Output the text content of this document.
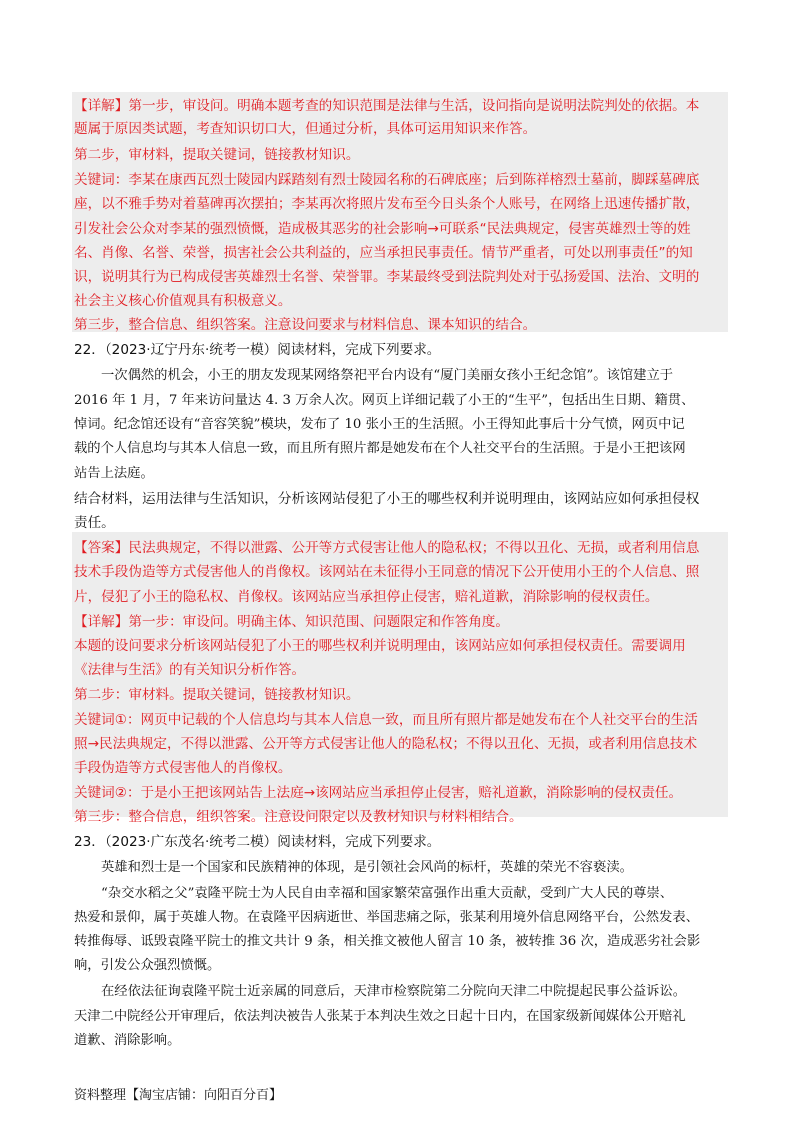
【详解】第一步，审设问。明确本题考查的知识范围是法律与生活，设问指向是说明法院判处的依据。本
题属于原因类试题，考查知识切口大，但通过分析，具体可运用知识来作答。
第二步，审材料，提取关键词，链接教材知识。
关键词：李某在康西瓦烈士陵园内踩踏刻有烈士陵园名称的石碑底座；后到陈祥榕烈士墓前，脚踩墓碑底
座，以不雅手势对着墓碑再次摆拍；李某再次将照片发布至今日头条个人账号，在网络上迅速传播扩散，
引发社会公众对李某的强烈愤慨，造成极其恶劣的社会影响→可联系“民法典规定，侵害英雄烈士等的姓
名、肖像、名誉、荣誉，损害社会公共利益的，应当承担民事责任。情节严重者，可处以刑事责任”的知
识，说明其行为已构成侵害英雄烈士名誉、荣誉罪。李某最终受到法院判处对于弘扬爱国、法治、文明的
社会主义核心价值观具有积极意义。
第三步，整合信息、组织答案。注意设问要求与材料信息、课本知识的结合。
22．（2023·辽宁丹东·统考一模）阅读材料，完成下列要求。
一次偶然的机会，小王的朋友发现某网络祭祀平台内设有“厦门美丽女孩小王纪念馆”。该馆建立于
2016 年 1 月，7 年来访问量达 4. 3 万余人次。网页上详细记载了小王的“生平”，包括出生日期、籍贯、
悼词。纪念馆还设有“音容笑貌”模块，发布了 10 张小王的生活照。小王得知此事后十分气愤，网页中记
载的个人信息均与其本人信息一致，而且所有照片都是她发布在个人社交平台的生活照。于是小王把该网
站告上法庭。
结合材料，运用法律与生活知识，分析该网站侵犯了小王的哪些权利并说明理由，该网站应如何承担侵权
责任。
【答案】民法典规定，不得以泄露、公开等方式侵害让他人的隐私权；不得以丑化、无损，或者利用信息
技术手段伪造等方式侵害他人的肖像权。该网站在未征得小王同意的情况下公开使用小王的个人信息、照
片，侵犯了小王的隐私权、肖像权。该网站应当承担停止侵害，赔礼道歉，消除影响的侵权责任。
【详解】第一步：审设问。明确主体、知识范围、问题限定和作答角度。
本题的设问要求分析该网站侵犯了小王的哪些权利并说明理由，该网站应如何承担侵权责任。需要调用
《法律与生活》的有关知识分析作答。
第二步：审材料。提取关键词，链接教材知识。
关键词①：网页中记载的个人信息均与其本人信息一致，而且所有照片都是她发布在个人社交平台的生活
照→民法典规定，不得以泄露、公开等方式侵害让他人的隐私权；不得以丑化、无损，或者利用信息技术
手段伪造等方式侵害他人的肖像权。
关键词②：于是小王把该网站告上法庭→该网站应当承担停止侵害，赔礼道歉，消除影响的侵权责任。
第三步：整合信息，组织答案。注意设问限定以及教材知识与材料相结合。
23．（2023·广东茂名·统考二模）阅读材料，完成下列要求。
英雄和烈士是一个国家和民族精神的体现，是引领社会风尚的标杆，英雄的荣光不容亵渎。
“杂交水稻之父”袁隆平院士为人民自由幸福和国家繁荣富强作出重大贡献，受到广大人民的尊崇、
热爱和景仰，属于英雄人物。在袁隆平因病逝世、举国悲痛之际，张某利用境外信息网络平台，公然发表、
转推侮辱、诋毁袁隆平院士的推文共计 9 条，相关推文被他人留言 10 条，被转推 36 次，造成恶劣社会影
响，引发公众强烈愤慨。
在经依法征询袁隆平院士近亲属的同意后，天津市检察院第二分院向天津二中院提起民事公益诉讼。
天津二中院经公开审理后，依法判决被告人张某于本判决生效之日起十日内，在国家级新闻媒体公开赔礼
道歉、消除影响。
资料整理【淘宝店铺：向阳百分百】
